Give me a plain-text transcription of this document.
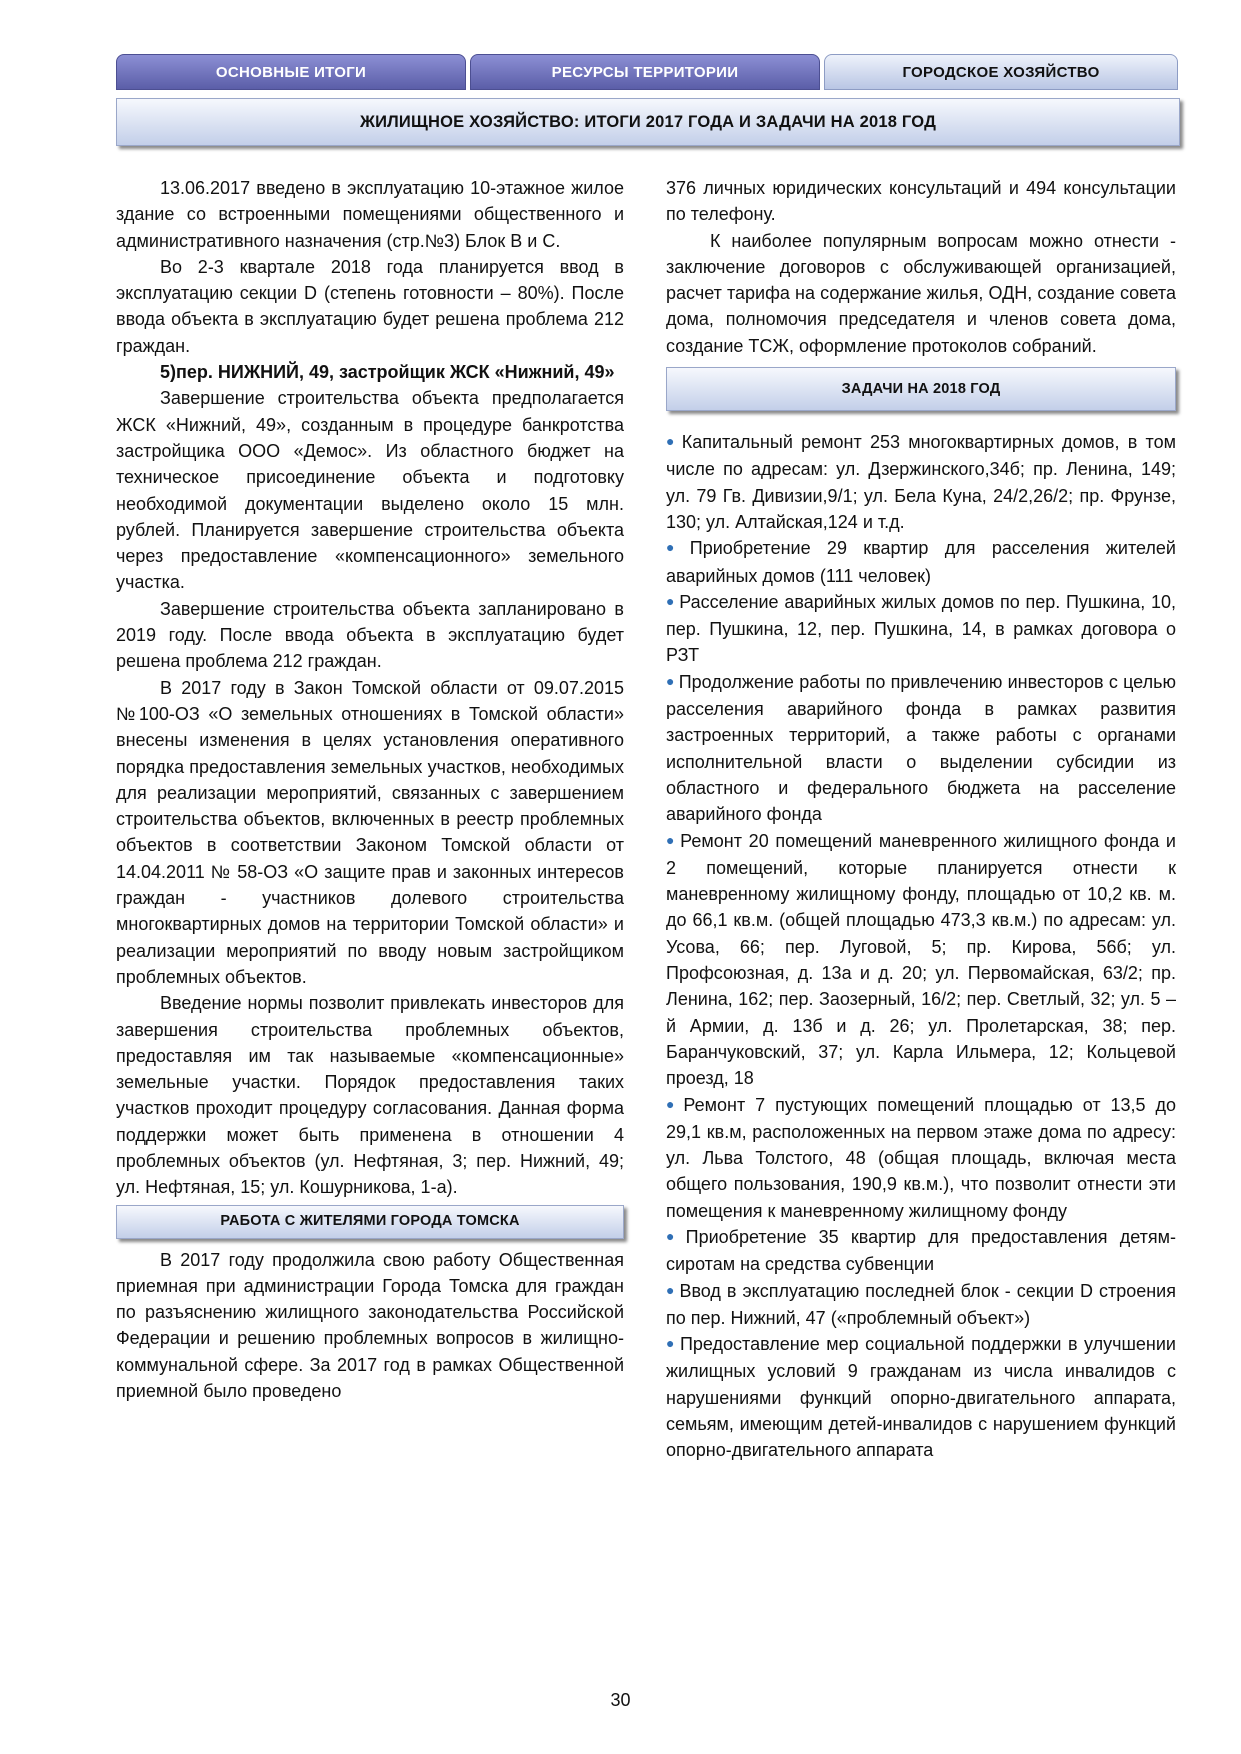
ОСНОВНЫЕ ИТОГИ	РЕСУРСЫ ТЕРРИТОРИИ	ГОРОДСКОЕ ХОЗЯЙСТВО
ЖИЛИЩНОЕ ХОЗЯЙСТВО: ИТОГИ 2017 ГОДА И ЗАДАЧИ НА 2018 ГОД

13.06.2017 введено в эксплуатацию 10-этажное жилое здание со встроенными помещениями общественного и административного назначения (стр.№3) Блок В и С.

Во 2-3 квартале 2018 года планируется ввод в эксплуатацию секции D (степень готовности – 80%). После ввода объекта в эксплуатацию будет решена проблема 212 граждан.

5)пер. НИЖНИЙ, 49, застройщик ЖСК «Нижний, 49»

Завершение строительства объекта предполагается ЖСК «Нижний, 49», созданным в процедуре банкротства застройщика ООО «Демос». Из областного бюджет на техническое присоединение объекта и подготовку необходимой документации выделено около 15 млн. рублей. Планируется завершение строительства объекта через предоставление «компенсационного» земельного участка.

Завершение строительства объекта запланировано в 2019 году. После ввода объекта в эксплуатацию будет решена проблема 212 граждан.

В 2017 году в Закон Томской области от 09.07.2015 №100-ОЗ «О земельных отношениях в Томской области» внесены изменения в целях установления оперативного порядка предоставления земельных участков, необходимых для реализации мероприятий, связанных с завершением строительства объектов, включенных в реестр проблемных объектов в соответствии Законом Томской области от 14.04.2011 № 58-ОЗ «О защите прав и законных интересов граждан - участников долевого строительства многоквартирных домов на территории Томской области» и реализации мероприятий по вводу новым застройщиком проблемных объектов.

Введение нормы позволит привлекать инвесторов для завершения строительства проблемных объектов, предоставляя им так называемые «компенсационные» земельные участки. Порядок предоставления таких участков проходит процедуру согласования. Данная форма поддержки может быть применена в отношении 4 проблемных объектов (ул. Нефтяная, 3; пер. Нижний, 49; ул. Нефтяная, 15; ул. Кошурникова, 1-а).

РАБОТА С ЖИТЕЛЯМИ ГОРОДА ТОМСКА

В 2017 году продолжила свою работу Общественная приемная при администрации Города Томска для граждан по разъяснению жилищного законодательства Российской Федерации и решению проблемных вопросов в жилищно-коммунальной сфере. За 2017 год в рамках Общественной приемной было проведено

376 личных юридических консультаций и 494 консультации по телефону.

К наиболее популярным вопросам можно отнести - заключение договоров с обслуживающей организацией, расчет тарифа на содержание жилья, ОДН, создание совета дома, полномочия председателя и членов совета дома, создание ТСЖ, оформление протоколов собраний.

ЗАДАЧИ НА 2018 ГОД

● Капитальный ремонт 253 многоквартирных домов, в том числе по адресам: ул. Дзержинского,34б; пр. Ленина, 149; ул. 79 Гв. Дивизии,9/1; ул. Бела Куна, 24/2,26/2; пр. Фрунзе, 130; ул. Алтайская,124 и т.д.

● Приобретение 29 квартир для расселения жителей аварийных домов (111 человек)

● Расселение аварийных жилых домов по пер. Пушкина, 10, пер. Пушкина, 12, пер. Пушкина, 14, в рамках договора о РЗТ

● Продолжение работы по привлечению инвесторов с целью расселения аварийного фонда в рамках развития застроенных территорий, а также работы с органами исполнительной власти о выделении субсидии из областного и федерального бюджета на расселение аварийного фонда

● Ремонт 20 помещений маневренного жилищного фонда и 2 помещений, которые планируется отнести к маневренному жилищному фонду, площадью от 10,2 кв. м. до 66,1 кв.м. (общей площадью 473,3 кв.м.) по адресам: ул. Усова, 66; пер. Луговой, 5; пр. Кирова, 56б; ул. Профсоюзная, д. 13а и д. 20; ул. Первомайская, 63/2; пр. Ленина, 162; пер. Заозерный, 16/2; пер. Светлый, 32; ул. 5 – й Армии, д. 13б и д. 26; ул. Пролетарская, 38; пер. Баранчуковский, 37; ул. Карла Ильмера, 12; Кольцевой проезд, 18

● Ремонт 7 пустующих помещений площадью от 13,5 до 29,1 кв.м, расположенных на первом этаже дома по адресу: ул. Льва Толстого, 48 (общая площадь, включая места общего пользования, 190,9 кв.м.), что позволит отнести эти помещения к маневренному жилищному фонду

● Приобретение 35 квартир для предоставления детям-сиротам на средства субвенции

● Ввод в эксплуатацию последней блок - секции D строения по пер. Нижний, 47 («проблемный объект»)

● Предоставление мер социальной поддержки в улучшении жилищных условий 9 гражданам из числа инвалидов с нарушениями функций опорно-двигательного аппарата, семьям, имеющим детей-инвалидов с нарушением функций опорно-двигательного аппарата

30
